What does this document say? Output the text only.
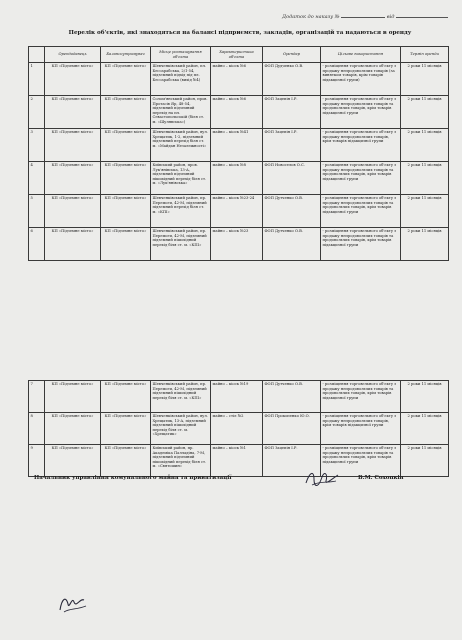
Додаток до наказу №	від
Перелік об'єктів, які знаходяться на балансі підприємств, закладів, організацій та надаються в оренду
	Орендодавець	Балансоутримувач	Місце розташування об'єкта	Характеристика об'єкта	Орендар	Цільове використання	Термін оренди
1	КП «Підземне місто»	КП «Підземне місто»	Шевченківський район, пл. Бессарабська, 2/1-54, підземний підхід під пл. Бессарабська (вихід №4)	майно – кіоск №6	ФОП Дудченко О.В.	- розміщення торговельного об'єкту з продажу непродовольчих товарів (за винятком товарів, крім товарів підакцизної групи)	2 роки 11 місяців
2	КП «Підземне місто»	КП «Підземне місто»	Солом'янський район, пров. Протасів Яр, 48-54, підземний підземний перехід на пл. Севастопольській (біля ст. м. «Шулявська»)	майно – кіоск №6	ФОП Зацепін І.Р.	- розміщення торговельного об'єкту з продажу непродовольчих товарів та продовольчих товарів, крім товарів підакцизної групи	2 роки 11 місяців
3	КП «Підземне місто»	КП «Підземне місто»	Шевченківський район, вул. Хрещатик, 1-2, підземний підземний перехід біля ст. м. «Майдан Незалежності»	майно – кіоск №41	ФОП Зацепін І.Р.	- розміщення торговельного об'єкту з продажу непродовольчих товарів, крім товарів підакцизної групи	2 роки 11 місяців
4	КП «Підземне місто»	КП «Підземне місто»	Київський район, пров. Лук'янівська, 13-А, підземний підземний пішохідний перехід біля ст. м. «Лук'янівська»	майно – кіоск №8	ФОП Новоселов О.С.	- розміщення торговельного об'єкту з продажу непродовольчих товарів та продовольчих товарів, крім товарів підакцизної групи	2 роки 11 місяців
5	КП «Підземне місто»	КП «Підземне місто»	Шевченківський район, пр. Перемоги, 42-М, підземний підземний перехід біля ст. м. «КПІ»	майно – кіоск №23-24	ФОП Дутченко О.В.	- розміщення торговельного об'єкту з продажу непродовольчих товарів та продовольчих товарів, крім товарів підакцизної групи	2 роки 11 місяців
6	КП «Підземне місто»	КП «Підземне місто»	Шевченківський район, пр. Перемоги, 42-М, підземний підземний пішохідний перехід біля ст. м. «КПІ»	майно – кіоск №23	ФОП Дутченко О.В.	- розміщення торговельного об'єкту з продажу непродовольчих товарів та продовольчих товарів, крім товарів підакцизної групи	2 роки 11 місяців
7	КП «Підземне місто»	КП «Підземне місто»	Шевченківський район, пр. Перемоги, 42-М, підземний підземний пішохідний перехід біля ст. м. «КПІ»	майно – кіоск №19	ФОП Дутченко О.В.	- розміщення торговельного об'єкту з продажу непродовольчих товарів та продовольчих товарів, крім товарів підакцизної групи	2 роки 11 місяців
8	КП «Підземне місто»	КП «Підземне місто»	Шевченківський район, вул. Хрещатик, 13-А, підземний підземний пішохідний перехід біля ст. м. «Хрещатик»	майно – стіл №2	ФОП Прокопенко Ю.О.	- розміщення торговельного об'єкту з продажу непродовольчих товарів, крім товарів підакцизної групи	2 роки 11 місяців
9	КП «Підземне місто»	КП «Підземне місто»	Київський район, пр. Академіка Палладіна, 7-М, підземний підземний пішохідний перехід біля ст. м. «Святошин»	майно – кіоск №1	ФОП Зацепін І.Р.	- розміщення торговельного об'єкту з продажу непродовольчих товарів та продовольчих товарів, крім товарів підакцизної групи	2 роки 11 місяців
Начальник управління комунального майна та приватизації	В.М. Сохопкін
